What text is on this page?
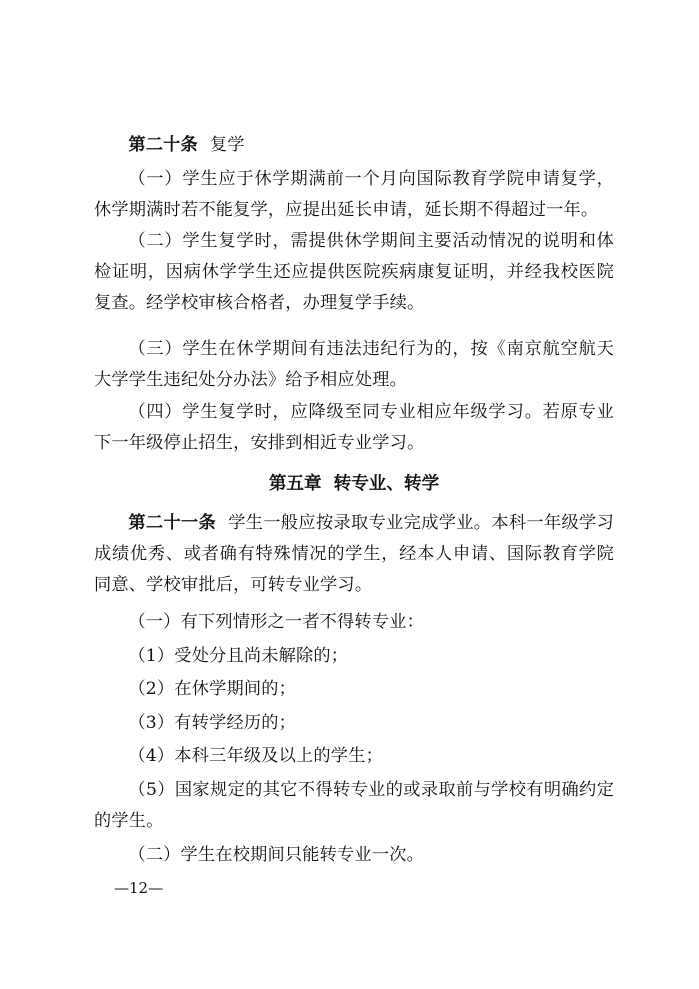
第二十条 复学

（一）学生应于休学期满前一个月向国际教育学院申请复学，休学期满时若不能复学，应提出延长申请，延长期不得超过一年。

（二）学生复学时，需提供休学期间主要活动情况的说明和体检证明，因病休学学生还应提供医院疾病康复证明，并经我校医院复查。经学校审核合格者，办理复学手续。

（三）学生在休学期间有违法违纪行为的，按《南京航空航天大学学生违纪处分办法》给予相应处理。

（四）学生复学时，应降级至同专业相应年级学习。若原专业下一年级停止招生，安排到相近专业学习。

第五章 转专业、转学

第二十一条 学生一般应按录取专业完成学业。本科一年级学习成绩优秀、或者确有特殊情况的学生，经本人申请、国际教育学院同意、学校审批后，可转专业学习。

（一）有下列情形之一者不得转专业：

（1）受处分且尚未解除的；

（2）在休学期间的；

（3）有转学经历的；

（4）本科三年级及以上的学生；

（5）国家规定的其它不得转专业的或录取前与学校有明确约定的学生。

（二）学生在校期间只能转专业一次。

—12—
